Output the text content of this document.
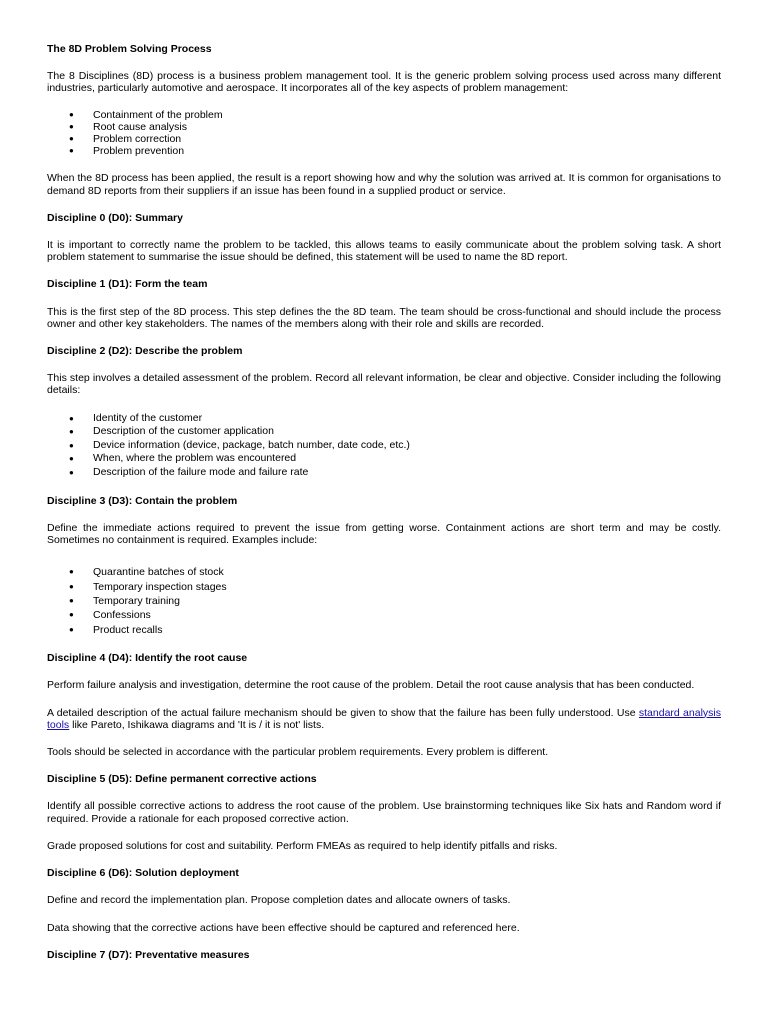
The 8D Problem Solving Process

The 8 Disciplines (8D) process is a business problem management tool. It is the generic problem solving process used across many different industries, particularly automotive and aerospace. It incorporates all of the key aspects of problem management:

● Containment of the problem
● Root cause analysis
● Problem correction
● Problem prevention

When the 8D process has been applied, the result is a report showing how and why the solution was arrived at. It is common for organisations to demand 8D reports from their suppliers if an issue has been found in a supplied product or service.

Discipline 0 (D0): Summary

It is important to correctly name the problem to be tackled, this allows teams to easily communicate about the problem solving task. A short problem statement to summarise the issue should be defined, this statement will be used to name the 8D report.

Discipline 1 (D1): Form the team

This is the first step of the 8D process. This step defines the the 8D team. The team should be cross-functional and should include the process owner and other key stakeholders. The names of the members along with their role and skills are recorded.

Discipline 2 (D2): Describe the problem

This step involves a detailed assessment of the problem. Record all relevant information, be clear and objective. Consider including the following details:

● Identity of the customer
● Description of the customer application
● Device information (device, package, batch number, date code, etc.)
● When, where the problem was encountered
● Description of the failure mode and failure rate
Discipline 3 (D3): Contain the problem

Define the immediate actions required to prevent the issue from getting worse. Containment actions are short term and may be costly. Sometimes no containment is required. Examples include:

● Quarantine batches of stock
● Temporary inspection stages
● Temporary training
● Confessions
● Product recalls
Discipline 4 (D4): Identify the root cause

Perform failure analysis and investigation, determine the root cause of the problem. Detail the root cause analysis that has been conducted.

A detailed description of the actual failure mechanism should be given to show that the failure has been fully understood. Use standard analysis tools like Pareto, Ishikawa diagrams and 'It is / it is not' lists.

Tools should be selected in accordance with the particular problem requirements. Every problem is different.

Discipline 5 (D5): Define permanent corrective actions

Identify all possible corrective actions to address the root cause of the problem. Use brainstorming techniques like Six hats and Random word if required. Provide a rationale for each proposed corrective action.

Grade proposed solutions for cost and suitability. Perform FMEAs as required to help identify pitfalls and risks.

Discipline 6 (D6): Solution deployment

Define and record the implementation plan. Propose completion dates and allocate owners of tasks.

Data showing that the corrective actions have been effective should be captured and referenced here.

Discipline 7 (D7): Preventative measures
